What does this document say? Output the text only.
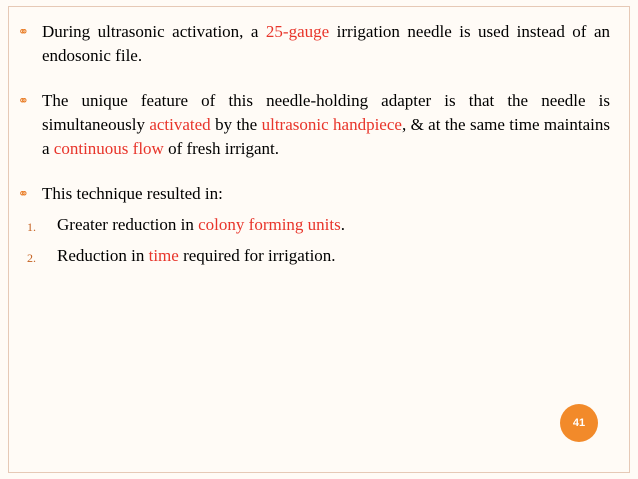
⚭ During ultrasonic activation, a 25-gauge irrigation needle is used instead of an endosonic file.
⚭ The unique feature of this needle-holding adapter is that the needle is simultaneously activated by the ultrasonic handpiece, & at the same time maintains a continuous flow of fresh irrigant.
⚭ This technique resulted in:
1. Greater reduction in colony forming units.
2. Reduction in time required for irrigation.
41
